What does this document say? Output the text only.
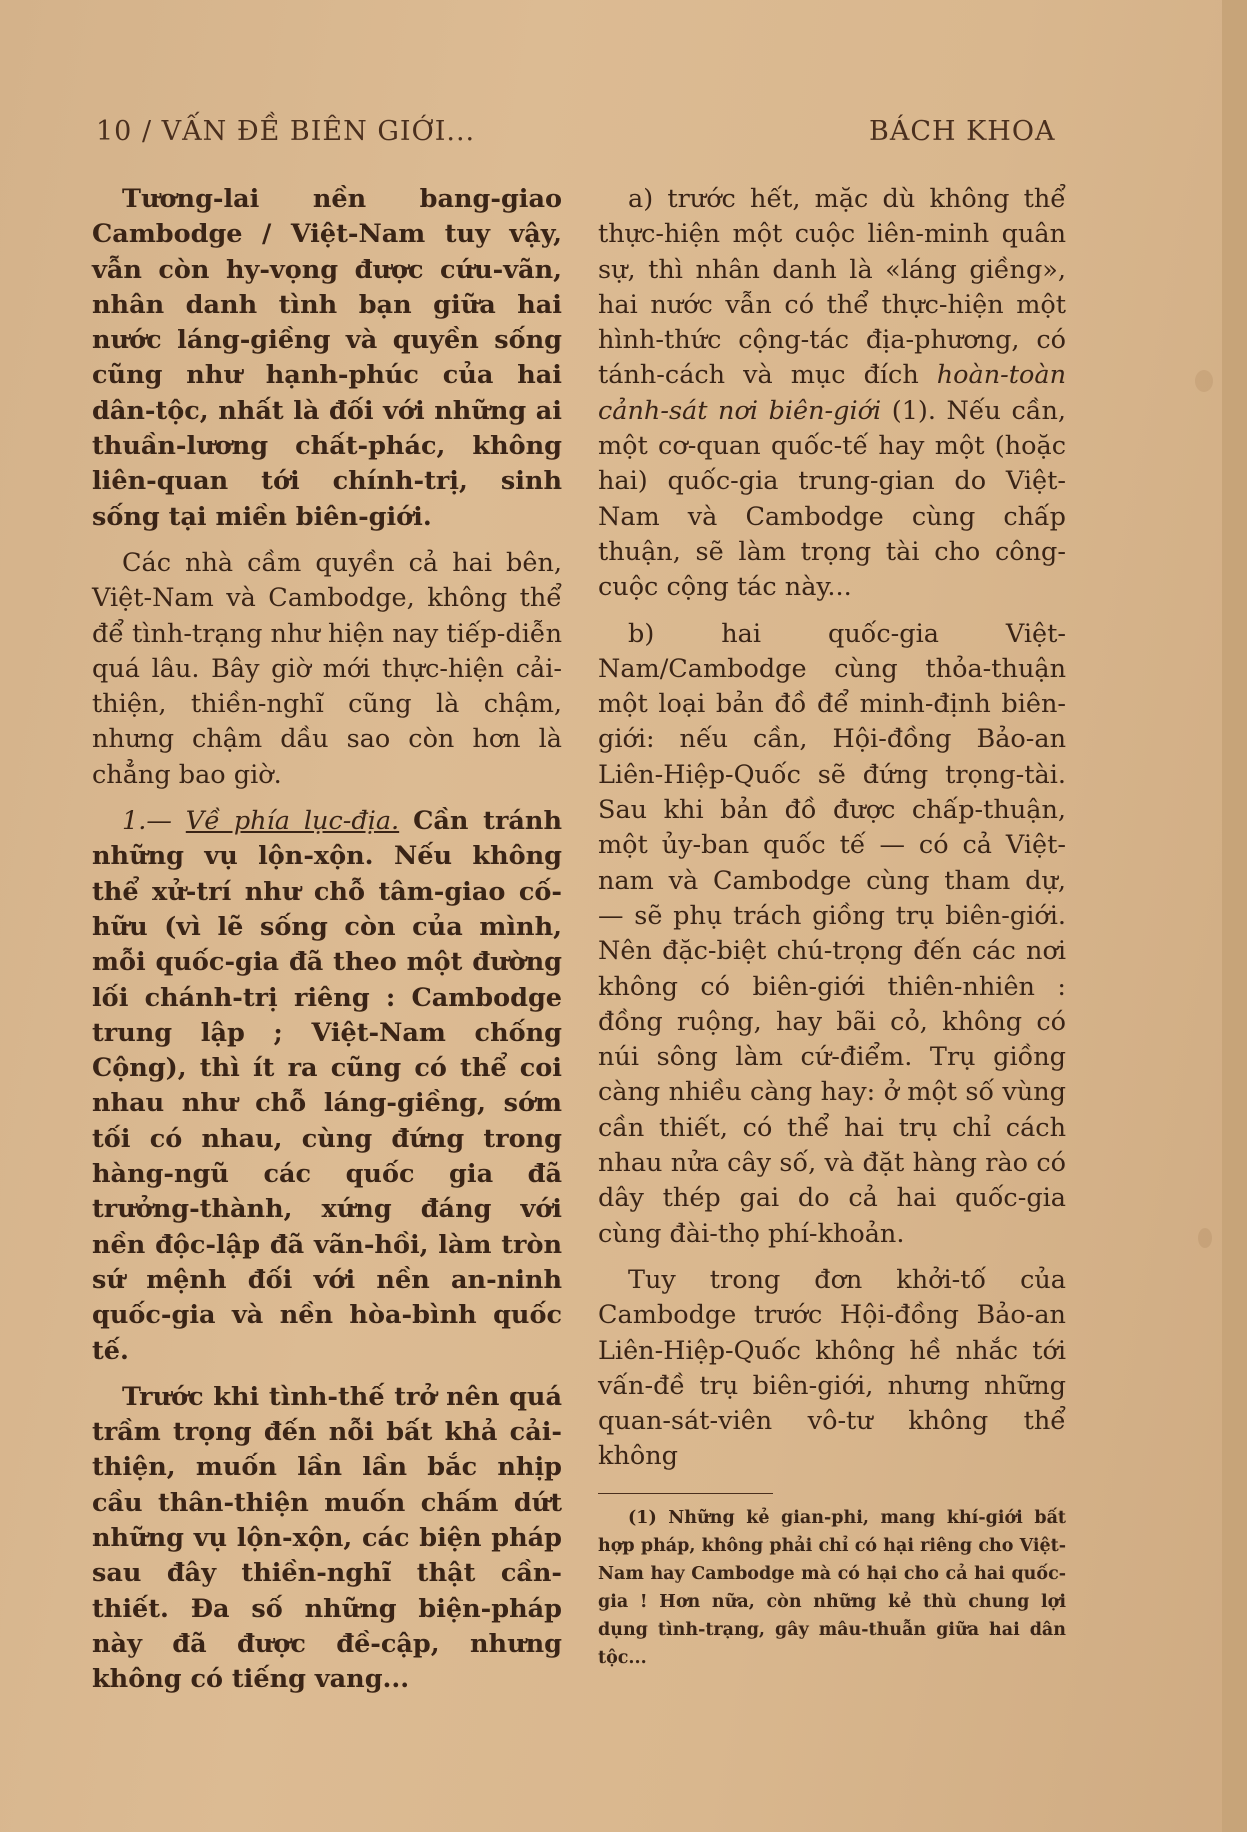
10 / VẤN ĐỀ BIÊN GIỚI...	BÁCH KHOA

Tương-lai nền bang-giao Cambodge / Việt-Nam tuy vậy, vẫn còn hy-vọng được cứu-vãn, nhân danh tình bạn giữa hai nước láng-giềng và quyền sống cũng như hạnh-phúc của hai dân-tộc, nhất là đối với những ai thuần-lương chất-phác, không liên-quan tới chính-trị, sinh sống tại miền biên-giới.

Các nhà cầm quyền cả hai bên, Việt-Nam và Cambodge, không thể để tình-trạng như hiện nay tiếp-diễn quá lâu. Bây giờ mới thực-hiện cải-thiện, thiền-nghĩ cũng là chậm, nhưng chậm dầu sao còn hơn là chẳng bao giờ.

1.— Về phía lục-địa. Cần tránh những vụ lộn-xộn. Nếu không thể xử-trí như chỗ tâm-giao cố-hữu (vì lẽ sống còn của mình, mỗi quốc-gia đã theo một đường lối chánh-trị riêng : Cambodge trung lập ; Việt-Nam chống Cộng), thì ít ra cũng có thể coi nhau như chỗ láng-giềng, sớm tối có nhau, cùng đứng trong hàng-ngũ các quốc gia đã trưởng-thành, xứng đáng với nền độc-lập đã vãn-hồi, làm tròn sứ mệnh đối với nền an-ninh quốc-gia và nền hòa-bình quốc tế.

Trước khi tình-thế trở nên quá trầm trọng đến nỗi bất khả cải-thiện, muốn lần lần bắc nhịp cầu thân-thiện muốn chấm dứt những vụ lộn-xộn, các biện pháp sau đây thiền-nghĩ thật cần-thiết. Đa số những biện-pháp này đã được đề-cập, nhưng không có tiếng vang...

a) trước hết, mặc dù không thể thực-hiện một cuộc liên-minh quân sự, thì nhân danh là «láng giềng», hai nước vẫn có thể thực-hiện một hình-thức cộng-tác địa-phương, có tánh-cách và mục đích hoàn-toàn cảnh-sát nơi biên-giới (1). Nếu cần, một cơ-quan quốc-tế hay một (hoặc hai) quốc-gia trung-gian do Việt-Nam và Cambodge cùng chấp thuận, sẽ làm trọng tài cho công-cuộc cộng tác này...

b) hai quốc-gia Việt-Nam/Cambodge cùng thỏa-thuận một loại bản đồ để minh-định biên-giới: nếu cần, Hội-đồng Bảo-an Liên-Hiệp-Quốc sẽ đứng trọng-tài. Sau khi bản đồ được chấp-thuận, một ủy-ban quốc tế — có cả Việt-nam và Cambodge cùng tham dự, — sẽ phụ trách giồng trụ biên-giới. Nên đặc-biệt chú-trọng đến các nơi không có biên-giới thiên-nhiên : đồng ruộng, hay bãi cỏ, không có núi sông làm cứ-điểm. Trụ giồng càng nhiều càng hay: ở một số vùng cần thiết, có thể hai trụ chỉ cách nhau nửa cây số, và đặt hàng rào có dây thép gai do cả hai quốc-gia cùng đài-thọ phí-khoản.

Tuy trong đơn khởi-tố của Cambodge trước Hội-đồng Bảo-an Liên-Hiệp-Quốc không hề nhắc tới vấn-đề trụ biên-giới, nhưng những quan-sát-viên vô-tư không thể không

(1) Những kẻ gian-phi, mang khí-giới bất hợp pháp, không phải chỉ có hại riêng cho Việt-Nam hay Cambodge mà có hại cho cả hai quốc-gia ! Hơn nữa, còn những kẻ thù chung lợi dụng tình-trạng, gây mâu-thuẫn giữa hai dân tộc...
